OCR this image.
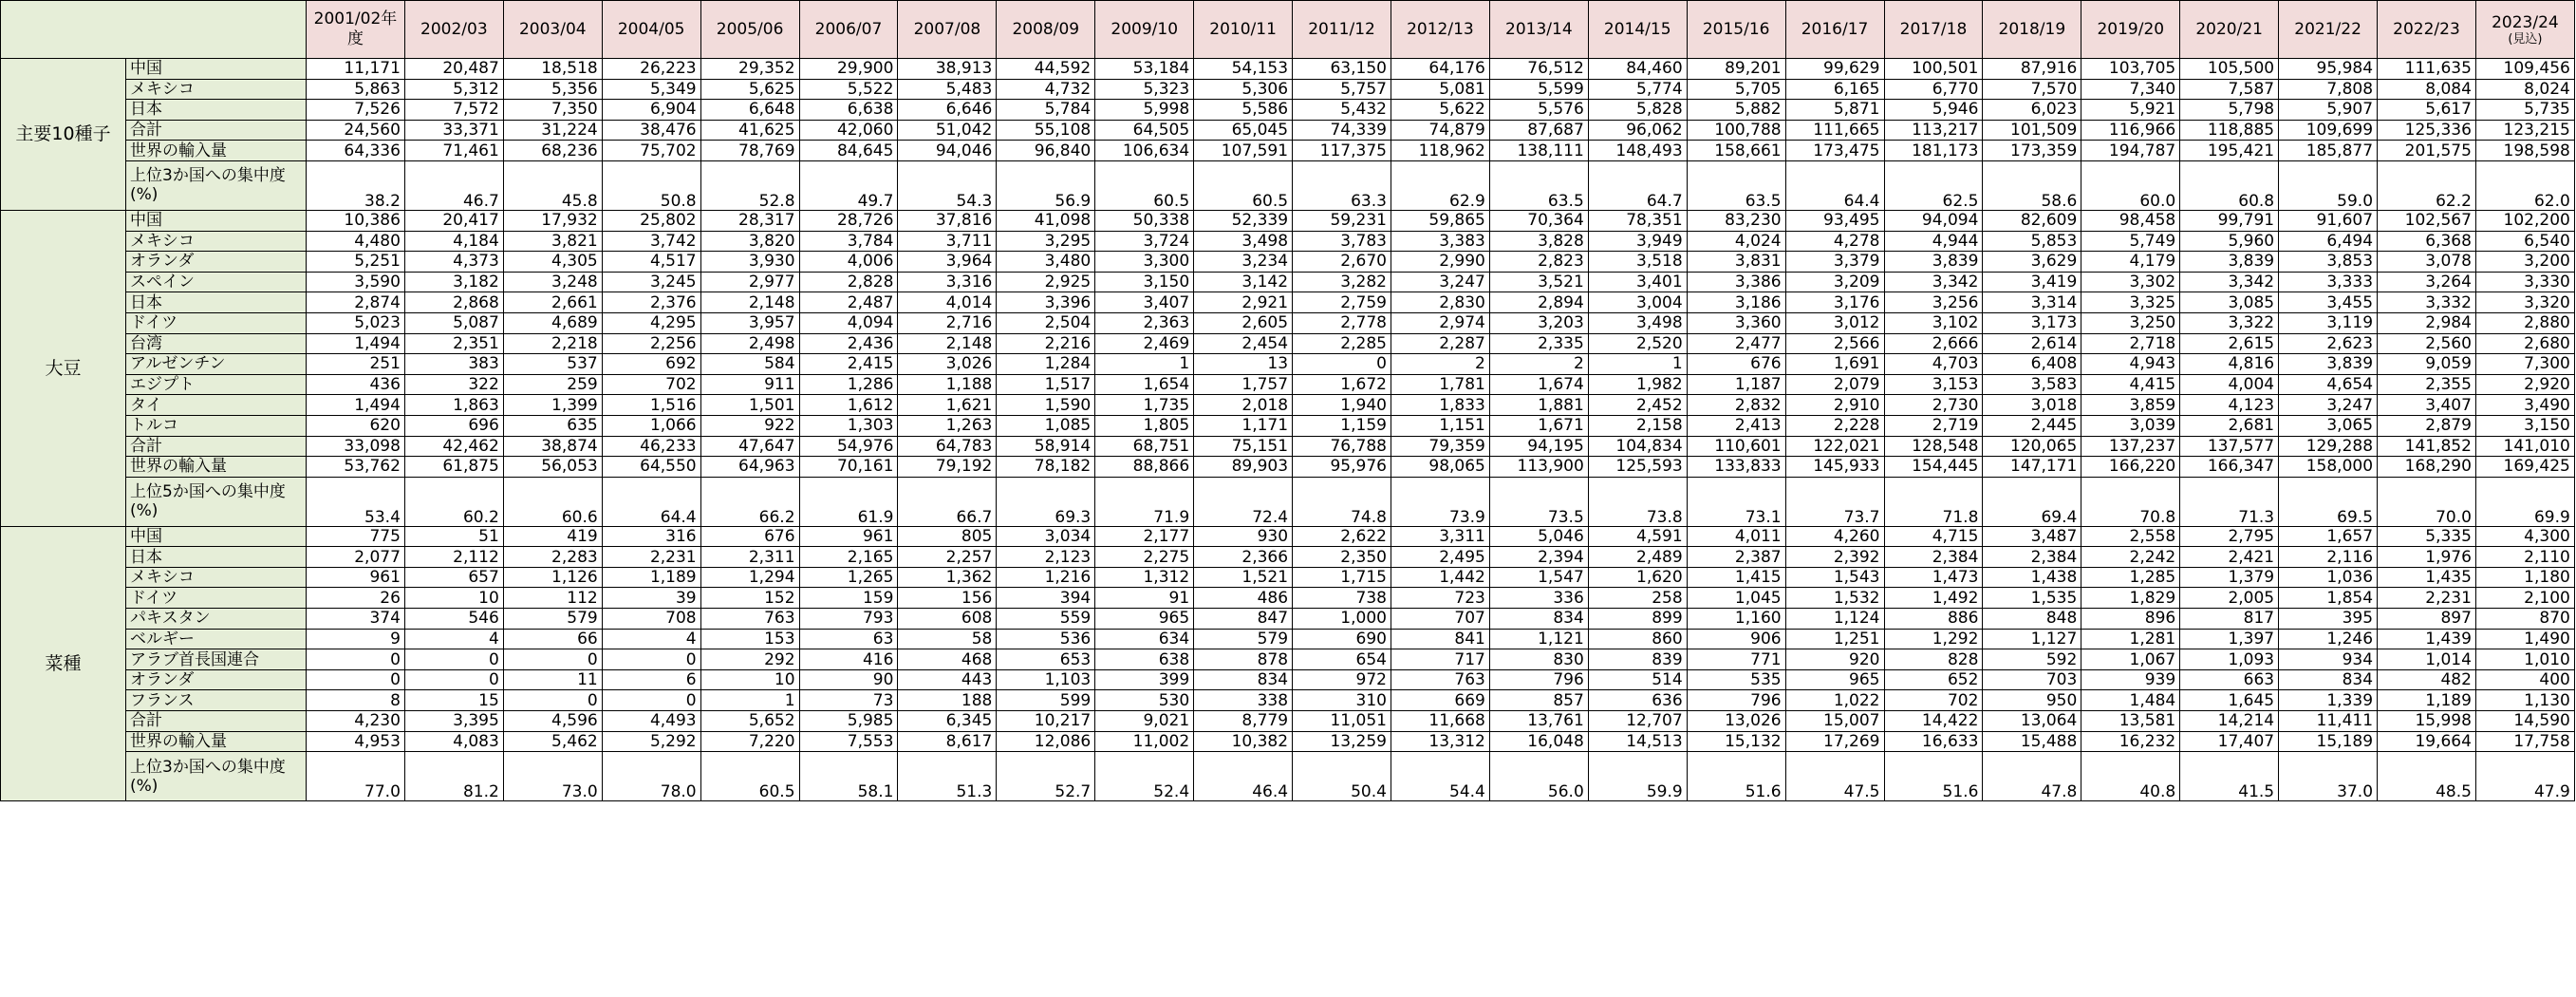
		2001/02年度	2002/03	2003/04	2004/05	2005/06	2006/07	2007/08	2008/09	2009/10	2010/11	2011/12	2012/13	2013/14	2014/15	2015/16	2016/17	2017/18	2018/19	2019/20	2020/21	2021/22	2022/23	2023/24
(見込)

主要10種子	中国	11,171	20,487	18,518	26,223	29,352	29,900	38,913	44,592	53,184	54,153	63,150	64,176	76,512	84,460	89,201	99,629	100,501	87,916	103,705	105,500	95,984	111,635	109,456
	メキシコ	5,863	5,312	5,356	5,349	5,625	5,522	5,483	4,732	5,323	5,306	5,757	5,081	5,599	5,774	5,705	6,165	6,770	7,570	7,340	7,587	7,808	8,084	8,024
	日本	7,526	7,572	7,350	6,904	6,648	6,638	6,646	5,784	5,998	5,586	5,432	5,622	5,576	5,828	5,882	5,871	5,946	6,023	5,921	5,798	5,907	5,617	5,735
	合計	24,560	33,371	31,224	38,476	41,625	42,060	51,042	55,108	64,505	65,045	74,339	74,879	87,687	96,062	100,788	111,665	113,217	101,509	116,966	118,885	109,699	125,336	123,215
	世界の輸入量	64,336	71,461	68,236	75,702	78,769	84,645	94,046	96,840	106,634	107,591	117,375	118,962	138,111	148,493	158,661	173,475	181,173	173,359	194,787	195,421	185,877	201,575	198,598
	上位3か国への集中度(%)	38.2	46.7	45.8	50.8	52.8	49.7	54.3	56.9	60.5	60.5	63.3	62.9	63.5	64.7	63.5	64.4	62.5	58.6	60.0	60.8	59.0	62.2	62.0
大豆	中国	10,386	20,417	17,932	25,802	28,317	28,726	37,816	41,098	50,338	52,339	59,231	59,865	70,364	78,351	83,230	93,495	94,094	82,609	98,458	99,791	91,607	102,567	102,200
	メキシコ	4,480	4,184	3,821	3,742	3,820	3,784	3,711	3,295	3,724	3,498	3,783	3,383	3,828	3,949	4,024	4,278	4,944	5,853	5,749	5,960	6,494	6,368	6,540
	オランダ	5,251	4,373	4,305	4,517	3,930	4,006	3,964	3,480	3,300	3,234	2,670	2,990	2,823	3,518	3,831	3,379	3,839	3,629	4,179	3,839	3,853	3,078	3,200
	スペイン	3,590	3,182	3,248	3,245	2,977	2,828	3,316	2,925	3,150	3,142	3,282	3,247	3,521	3,401	3,386	3,209	3,342	3,419	3,302	3,342	3,333	3,264	3,330
	日本	2,874	2,868	2,661	2,376	2,148	2,487	4,014	3,396	3,407	2,921	2,759	2,830	2,894	3,004	3,186	3,176	3,256	3,314	3,325	3,085	3,455	3,332	3,320
	ドイツ	5,023	5,087	4,689	4,295	3,957	4,094	2,716	2,504	2,363	2,605	2,778	2,974	3,203	3,498	3,360	3,012	3,102	3,173	3,250	3,322	3,119	2,984	2,880
	台湾	1,494	2,351	2,218	2,256	2,498	2,436	2,148	2,216	2,469	2,454	2,285	2,287	2,335	2,520	2,477	2,566	2,666	2,614	2,718	2,615	2,623	2,560	2,680
	アルゼンチン	251	383	537	692	584	2,415	3,026	1,284	1	13	0	2	2	1	676	1,691	4,703	6,408	4,943	4,816	3,839	9,059	7,300
	エジプト	436	322	259	702	911	1,286	1,188	1,517	1,654	1,757	1,672	1,781	1,674	1,982	1,187	2,079	3,153	3,583	4,415	4,004	4,654	2,355	2,920
	タイ	1,494	1,863	1,399	1,516	1,501	1,612	1,621	1,590	1,735	2,018	1,940	1,833	1,881	2,452	2,832	2,910	2,730	3,018	3,859	4,123	3,247	3,407	3,490
	トルコ	620	696	635	1,066	922	1,303	1,263	1,085	1,805	1,171	1,159	1,151	1,671	2,158	2,413	2,228	2,719	2,445	3,039	2,681	3,065	2,879	3,150
	合計	33,098	42,462	38,874	46,233	47,647	54,976	64,783	58,914	68,751	75,151	76,788	79,359	94,195	104,834	110,601	122,021	128,548	120,065	137,237	137,577	129,288	141,852	141,010
	世界の輸入量	53,762	61,875	56,053	64,550	64,963	70,161	79,192	78,182	88,866	89,903	95,976	98,065	113,900	125,593	133,833	145,933	154,445	147,171	166,220	166,347	158,000	168,290	169,425
	上位5か国への集中度(%)	53.4	60.2	60.6	64.4	66.2	61.9	66.7	69.3	71.9	72.4	74.8	73.9	73.5	73.8	73.1	73.7	71.8	69.4	70.8	71.3	69.5	70.0	69.9
菜種	中国	775	51	419	316	676	961	805	3,034	2,177	930	2,622	3,311	5,046	4,591	4,011	4,260	4,715	3,487	2,558	2,795	1,657	5,335	4,300
	日本	2,077	2,112	2,283	2,231	2,311	2,165	2,257	2,123	2,275	2,366	2,350	2,495	2,394	2,489	2,387	2,392	2,384	2,384	2,242	2,421	2,116	1,976	2,110
	メキシコ	961	657	1,126	1,189	1,294	1,265	1,362	1,216	1,312	1,521	1,715	1,442	1,547	1,620	1,415	1,543	1,473	1,438	1,285	1,379	1,036	1,435	1,180
	ドイツ	26	10	112	39	152	159	156	394	91	486	738	723	336	258	1,045	1,532	1,492	1,535	1,829	2,005	1,854	2,231	2,100
	パキスタン	374	546	579	708	763	793	608	559	965	847	1,000	707	834	899	1,160	1,124	886	848	896	817	395	897	870
	ベルギー	9	4	66	4	153	63	58	536	634	579	690	841	1,121	860	906	1,251	1,292	1,127	1,281	1,397	1,246	1,439	1,490
	アラブ首長国連合	0	0	0	0	292	416	468	653	638	878	654	717	830	839	771	920	828	592	1,067	1,093	934	1,014	1,010
	オランダ	0	0	11	6	10	90	443	1,103	399	834	972	763	796	514	535	965	652	703	939	663	834	482	400
	フランス	8	15	0	0	1	73	188	599	530	338	310	669	857	636	796	1,022	702	950	1,484	1,645	1,339	1,189	1,130
	合計	4,230	3,395	4,596	4,493	5,652	5,985	6,345	10,217	9,021	8,779	11,051	11,668	13,761	12,707	13,026	15,007	14,422	13,064	13,581	14,214	11,411	15,998	14,590
	世界の輸入量	4,953	4,083	5,462	5,292	7,220	7,553	8,617	12,086	11,002	10,382	13,259	13,312	16,048	14,513	15,132	17,269	16,633	15,488	16,232	17,407	15,189	19,664	17,758
	上位3か国への集中度(%)	77.0	81.2	73.0	78.0	60.5	58.1	51.3	52.7	52.4	46.4	50.4	54.4	56.0	59.9	51.6	47.5	51.6	47.8	40.8	41.5	37.0	48.5	47.9
